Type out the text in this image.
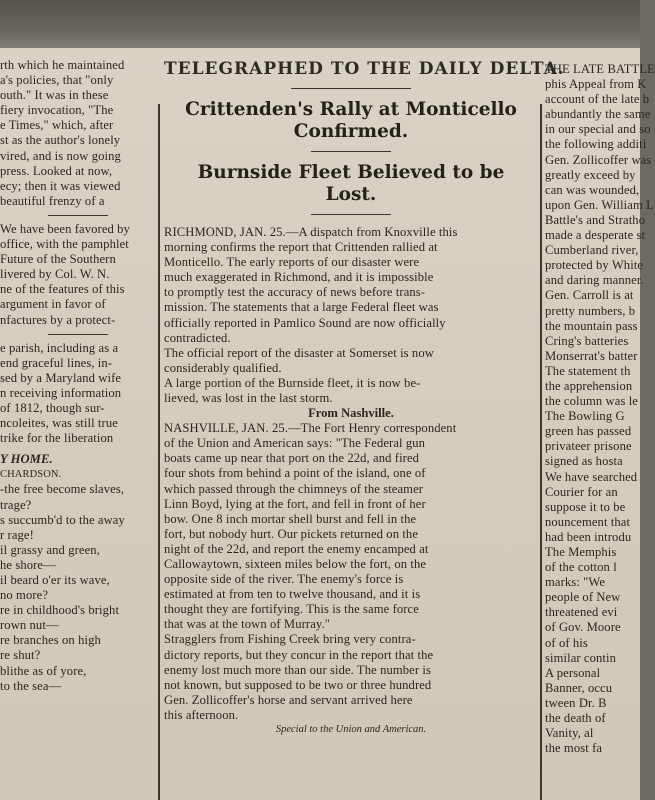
rth which he maintained
a's policies, that "only
outh." It was in these
fiery invocation, "The
e Times," which, after
st as the author's lonely
vired, and is now going
press. Looked at now,
ecy; then it was viewed
beautiful frenzy of a
We have been favored by
office, with the pamphlet
Future of the Southern
livered by Col. W. N.
ne of the features of this
argument in favor of
nfactures by a protect-
e parish, including as a
end graceful lines, in-
sed by a Maryland wife
n receiving information
of 1812, though sur-
ncoleites, was still true
trike for the liberation
Y HOME.
CHARDSON.
-the free become slaves,
trage?
s succumb'd to the away
r rage!
il grassy and green,
he shore—
il beard o'er its wave,
no more?
re in childhood's bright
rown nut—
re branches on high
re shut?
blithe as of yore,
to the sea—
TELEGRAPHED TO THE DAILY DELTA.
Crittenden's Rally at Monticello
Confirmed.
Burnside Fleet Believed to be
Lost.
RICHMOND, JAN. 25.—A dispatch from Knoxville this
morning confirms the report that Crittenden rallied at
Monticello. The early reports of our disaster were
much exaggerated in Richmond, and it is impossible
to promptly test the accuracy of news before trans-
mission. The statements that a large Federal fleet was
officially reported in Pamlico Sound are now officially
contradicted.
The official report of the disaster at Somerset is now
considerably qualified.
A large portion of the Burnside fleet, it is now be-
lieved, was lost in the last storm.
From Nashville.
NASHVILLE, JAN. 25.—The Fort Henry correspondent
of the Union and American says: "The Federal gun
boats came up near that port on the 22d, and fired
four shots from behind a point of the island, one of
which passed through the chimneys of the steamer
Linn Boyd, lying at the fort, and fell in front of her
bow. One 8 inch mortar shell burst and fell in the
fort, but nobody hurt. Our pickets returned on the
night of the 22d, and report the enemy encamped at
Callowaytown, sixteen miles below the fort, on the
opposite side of the river. The enemy's force is
estimated at from ten to twelve thousand, and it is
thought they are fortifying. This is the same force
that was at the town of Murray."
Stragglers from Fishing Creek bring very contra-
dictory reports, but they concur in the report that the
enemy lost much more than our side. The number is
not known, but supposed to be two or three hundred
Gen. Zollicoffer's horse and servant arrived here
this afternoon.
Special to the Union and American.
THE LATE BATTLE
phis Appeal from K
account of the late b
abundantly the same
in our special and so
the following additi
Gen. Zollicoffer was
greatly exceed by
can was wounded,
upon Gen. William L
Battle's and Stratho
made a desperate st
Cumberland river,
protected by White
and daring manner.
Gen. Carroll is at
pretty numbers, b
the mountain pass
Cring's batteries
Monserrat's batter
The statement th
the apprehension
the column was le
The Bowling G
green has passed
privateer prisone
signed as hosta
We have searched
Courier for an
suppose it to be
nouncement that
had been introdu
The Memphis
of the cotton l
marks: "We
people of New
threatened evi
of Gov. Moore
of of his
similar contin
A personal
Banner, occu
tween Dr. B
the death of
Vanity, al
the most fa
